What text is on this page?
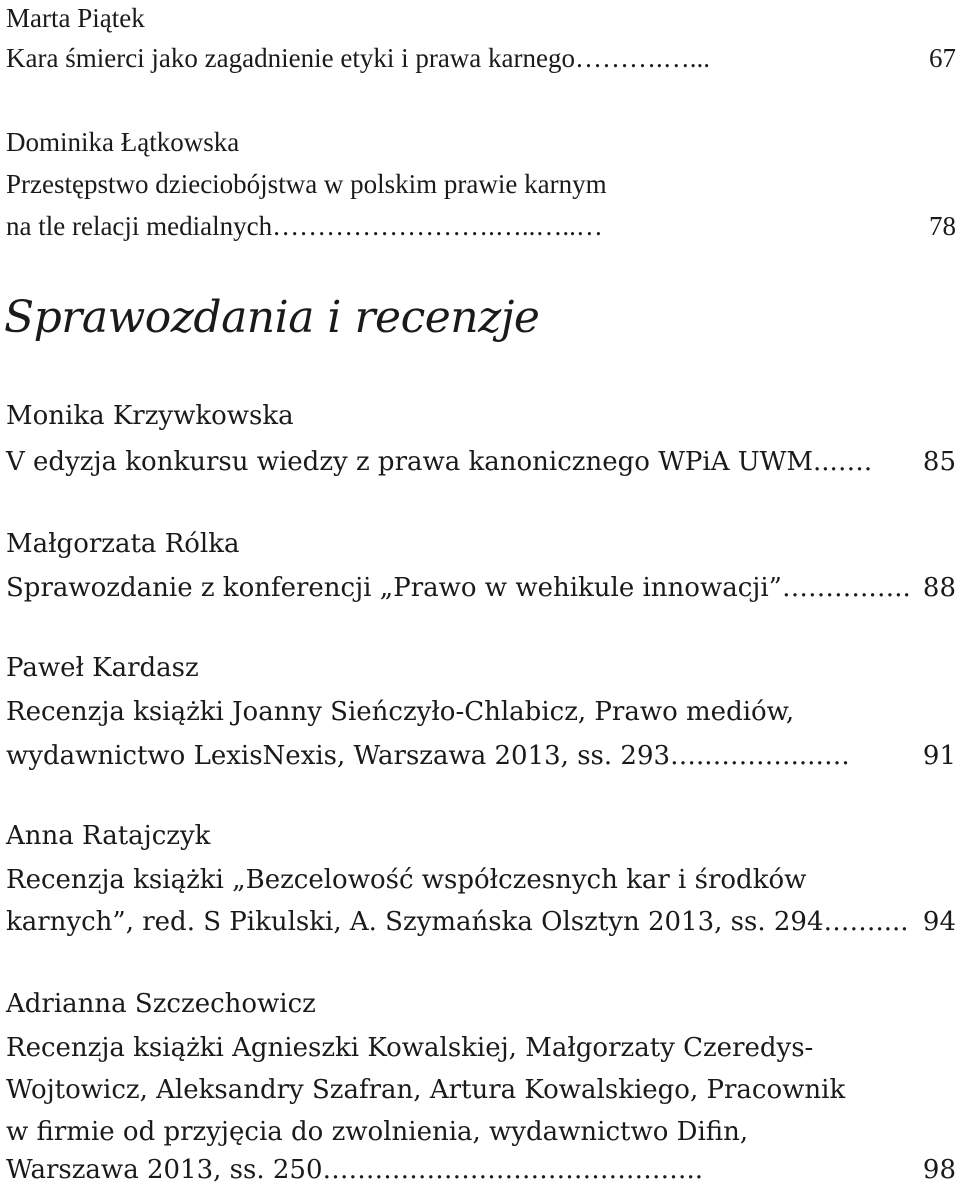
Marta Piątek
Kara śmierci jako zagadnienie etyki i prawa karnego ……….…...	67
Dominika Łątkowska
Przestępstwo dzieciobójstwa w polskim prawie karnym
na tle relacji medialnych …………………….…..…..…	78
Sprawozdania i recenzje
Monika Krzywkowska
V edyzja konkursu wiedzy z prawa kanonicznego WPiA UWM ...….	85
Małgorzata Rólka
Sprawozdanie z konferencji „Prawo w wehikule innowacji” ……….….. 88
Paweł Kardasz
Recenzja książki Joanny Sieńczyło-Chlabicz, Prawo mediów,
wydawnictwo LexisNexis, Warszawa 2013, ss. 293 …..………...….	91
Anna Ratajczyk
Recenzja książki „Bezcelowość współczesnych kar i środków
karnych”, red. S Pikulski, A. Szymańska Olsztyn 2013, ss. 294 …….... 94
Adrianna Szczechowicz
Recenzja książki Agnieszki Kowalskiej, Małgorzaty Czeredys-
Wojtowicz, Aleksandry Szafran, Artura Kowalskiego, Pracownik
w firmie od przyjęcia do zwolnienia, wydawnictwo Difin,
Warszawa 2013, ss. 250 ……………………………………..	98
